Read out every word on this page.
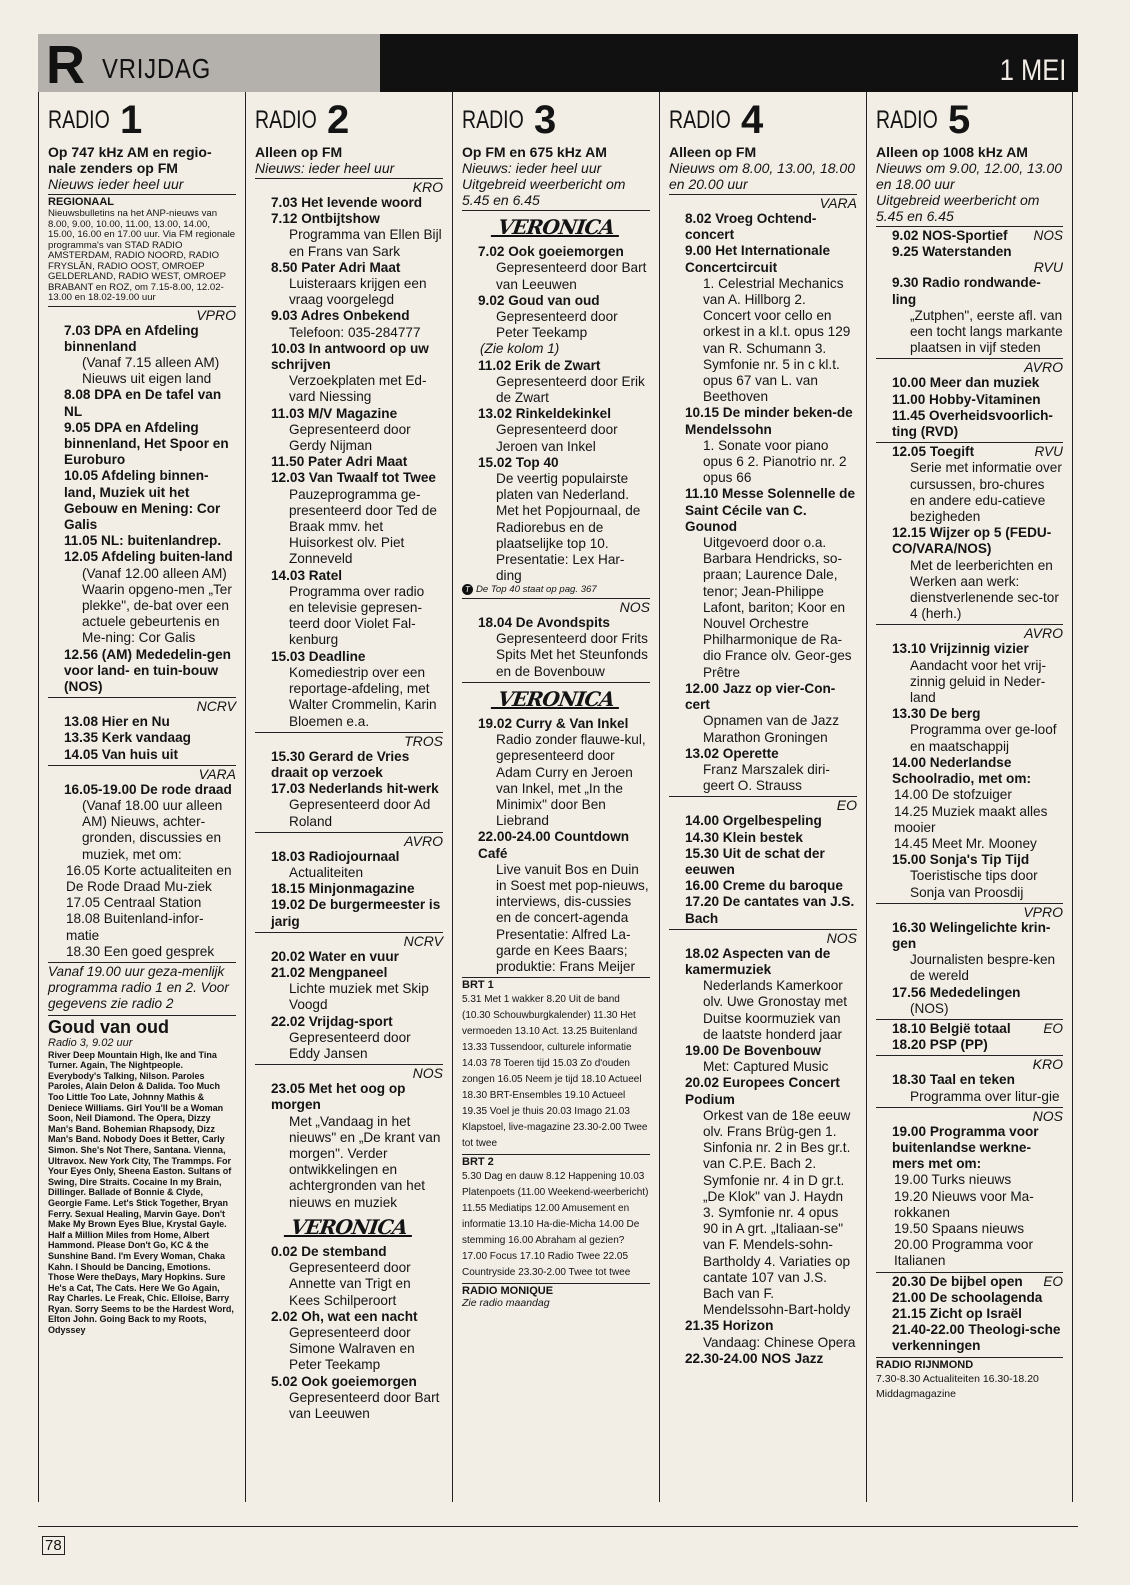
R VRIJDAG	1 MEI
RADIO 1
Op 747 kHz AM en regio-nale zenders op FM
Nieuws ieder heel uur
REGIONAAL
Nieuwsbulletins na het ANP-nieuws van 8.00, 9.00, 10.00, 11.00, 13.00, 14.00, 15.00, 16.00 en 17.00 uur. Via FM regionale programma's van STAD RADIO AMSTERDAM, RADIO NOORD, RADIO FRYSLÂN, RADIO OOST, OMROEP GELDERLAND, RADIO WEST, OMROEP BRABANT en ROZ, om 7.15-8.00, 12.02-13.00 en 18.02-19.00 uur
VPRO
7.03 DPA en Afdeling binnenland
(Vanaf 7.15 alleen AM) Nieuws uit eigen land
8.08 DPA en De tafel van NL
9.05 DPA en Afdeling binnenland, Het Spoor en Euroburo
10.05 Afdeling binnen-land, Muziek uit het Gebouw en Mening: Cor Galis
11.05 NL: buitenlandrep.
12.05 Afdeling buiten-land
(Vanaf 12.00 alleen AM) Waarin opgeno-men „Ter plekke", de-bat over een actuele gebeurtenis en Me-ning: Cor Galis
12.56 (AM) Mededelin-gen voor land- en tuin-bouw (NOS)
NCRV
13.08 Hier en Nu
13.35 Kerk vandaag
14.05 Van huis uit
VARA
16.05-19.00 De rode draad
(Vanaf 18.00 uur alleen AM) Nieuws, achter-gronden, discussies en muziek, met om:
16.05 Korte actualiteiten en De Rode Draad Mu-ziek
17.05 Centraal Station
18.08 Buitenland-infor-matie
18.30 Een goed gesprek
Vanaf 19.00 uur geza-menlijk programma radio 1 en 2. Voor gegevens zie radio 2
Goud van oud
Radio 3, 9.02 uur
River Deep Mountain High, Ike and Tina Turner. Again, The Nightpeople. Everybody's Talking, Nilson. Paroles Paroles, Alain Delon & Dalida. Too Much Too Little Too Late, Johnny Mathis & Deniece Williams. Girl You'll be a Woman Soon, Neil Diamond. The Opera, Dizzy Man's Band. Bohemian Rhapsody, Dizz Man's Band. Nobody Does it Better, Carly Simon. She's Not There, Santana. Vienna, Ultravox. New York City, The Trammps. For Your Eyes Only, Sheena Easton. Sultans of Swing, Dire Straits. Cocaine In my Brain, Dillinger. Ballade of Bonnie & Clyde, Georgie Fame. Let's Stick Together, Bryan Ferry. Sexual Healing, Marvin Gaye. Don't Make My Brown Eyes Blue, Krystal Gayle. Half a Million Miles from Home, Albert Hammond. Please Don't Go, KC & the Sunshine Band. I'm Every Woman, Chaka Kahn. I Should be Dancing, Emotions. Those Were theDays, Mary Hopkins. Sure He's a Cat, The Cats. Here We Go Again, Ray Charles. Le Freak, Chic. Elloise, Barry Ryan. Sorry Seems to be the Hardest Word, Elton John. Going Back to my Roots, Odyssey
RADIO 2
Alleen op FM
Nieuws: ieder heel uur
KRO
7.03 Het levende woord
7.12 Ontbijtshow
Programma van Ellen Bijl en Frans van Sark
8.50 Pater Adri Maat
Luisteraars krijgen een vraag voorgelegd
9.03 Adres Onbekend
Telefoon: 035-284777
10.03 In antwoord op uw schrijven
Verzoekplaten met Ed-vard Niessing
11.03 M/V Magazine
Gepresenteerd door Gerdy Nijman
11.50 Pater Adri Maat
12.03 Van Twaalf tot Twee
Pauzeprogramma ge-presenteerd door Ted de Braak mmv. het Huisorkest olv. Piet Zonneveld
14.03 Ratel
Programma over radio en televisie gepresen-teerd door Violet Fal-kenburg
15.03 Deadline
Komediestrip over een reportage-afdeling, met Walter Crommelin, Karin Bloemen e.a.
TROS
15.30 Gerard de Vries draait op verzoek
17.03 Nederlands hit-werk
Gepresenteerd door Ad Roland
AVRO
18.03 Radiojournaal
Actualiteiten
18.15 Minjonmagazine
19.02 De burgermeester is jarig
NCRV
20.02 Water en vuur
21.02 Mengpaneel
Lichte muziek met Skip Voogd
22.02 Vrijdag-sport
Gepresenteerd door Eddy Jansen
NOS
23.05 Met het oog op morgen
Met „Vandaag in het nieuws" en „De krant van morgen". Verder ontwikkelingen en achtergronden van het nieuws en muziek
VERONICA
0.02 De stemband
Gepresenteerd door Annette van Trigt en Kees Schilperoort
2.02 Oh, wat een nacht
Gepresenteerd door Simone Walraven en Peter Teekamp
5.02 Ook goeiemorgen
Gepresenteerd door Bart van Leeuwen
RADIO 3
Op FM en 675 kHz AM
Nieuws: ieder heel uur
Uitgebreid weerbericht om 5.45 en 6.45
VERONICA
7.02 Ook goeiemorgen
Gepresenteerd door Bart van Leeuwen
9.02 Goud van oud
Gepresenteerd door Peter Teekamp
(Zie kolom 1)
11.02 Erik de Zwart
Gepresenteerd door Erik de Zwart
13.02 Rinkeldekinkel
Gepresenteerd door Jeroen van Inkel
15.02 Top 40
De veertig populairste platen van Nederland. Met het Popjournaal, de Radiorebus en de plaatselijke top 10. Presentatie: Lex Har-ding
T De Top 40 staat op pag. 367
NOS
18.04 De Avondspits
Gepresenteerd door Frits Spits Met het Steunfonds en de Bovenbouw
VERONICA
19.02 Curry & Van Inkel
Radio zonder flauwe-kul, gepresenteerd door Adam Curry en Jeroen van Inkel, met „In the Minimix" door Ben Liebrand
22.00-24.00 Countdown Café
Live vanuit Bos en Duin in Soest met pop-nieuws, interviews, dis-cussies en de concert-agenda Presentatie: Alfred La-garde en Kees Baars; produktie: Frans Meijer
BRT 1
5.31 Met 1 wakker 8.20 Uit de band (10.30 Schouwburgkalender) 11.30 Het vermoeden 13.10 Act. 13.25 Buitenland 13.33 Tussendoor, culturele informatie 14.03 78 Toeren tijd 15.03 Zo d'ouden zongen 16.05 Neem je tijd 18.10 Actueel 18.30 BRT-Ensembles 19.10 Actueel 19.35 Voel je thuis 20.03 Imago 21.03 Klapstoel, live-magazine 23.30-2.00 Twee tot twee
BRT 2
5.30 Dag en dauw 8.12 Happening 10.03 Platenpoets (11.00 Weekend-weerbericht) 11.55 Mediatips 12.00 Amusement en informatie 13.10 Ha-die-Micha 14.00 De stemming 16.00 Abraham al gezien? 17.00 Focus 17.10 Radio Twee 22.05 Countryside 23.30-2.00 Twee tot twee
RADIO MONIQUE
Zie radio maandag
RADIO 4
Alleen op FM
Nieuws om 8.00, 13.00, 18.00 en 20.00 uur
VARA
8.02 Vroeg Ochtend-concert
9.00 Het Internationale Concertcircuit
1. Celestrial Mechanics van A. Hillborg 2. Concert voor cello en orkest in a kl.t. opus 129 van R. Schumann 3. Symfonie nr. 5 in c kl.t. opus 67 van L. van Beethoven
10.15 De minder beken-de Mendelssohn
1. Sonate voor piano opus 6 2. Pianotrio nr. 2 opus 66
11.10 Messe Solennelle de Saint Cécile van C. Gounod
Uitgevoerd door o.a. Barbara Hendricks, so-praan; Laurence Dale, tenor; Jean-Philippe Lafont, bariton; Koor en Nouvel Orchestre Philharmonique de Ra-dio France olv. Geor-ges Prêtre
12.00 Jazz op vier-Con-cert
Opnamen van de Jazz Marathon Groningen
13.02 Operette
Franz Marszalek diri-geert O. Strauss
EO
14.00 Orgelbespeling
14.30 Klein bestek
15.30 Uit de schat der eeuwen
16.00 Creme du baroque
17.20 De cantates van J.S. Bach
NOS
18.02 Aspecten van de kamermuziek
Nederlands Kamerkoor olv. Uwe Gronostay met Duitse koormuziek van de laatste honderd jaar
19.00 De Bovenbouw
Met: Captured Music
20.02 Europees Concert Podium
Orkest van de 18e eeuw olv. Frans Brüg-gen 1. Sinfonia nr. 2 in Bes gr.t. van C.P.E. Bach 2. Symfonie nr. 4 in D gr.t. „De Klok" van J. Haydn 3. Symfonie nr. 4 opus 90 in A grt. „Italiaan-se" van F. Mendels-sohn-Bartholdy 4. Variaties op cantate 107 van J.S. Bach van F. Mendelssohn-Bart-holdy
21.35 Horizon
Vandaag: Chinese Opera
22.30-24.00 NOS Jazz
RADIO 5
Alleen op 1008 kHz AM
Nieuws om 9.00, 12.00, 13.00 en 18.00 uur
Uitgebreid weerbericht om 5.45 en 6.45
9.02 NOS-Sportief NOS
9.25 Waterstanden
RVU
9.30 Radio rondwande-ling
„Zutphen", eerste afl. van een tocht langs markante plaatsen in vijf steden
AVRO
10.00 Meer dan muziek
11.00 Hobby-Vitaminen
11.45 Overheidsvoorlich-ting (RVD)
12.05 Toegift	RVU
Serie met informatie over cursussen, bro-chures en andere edu-catieve bezigheden
12.15 Wijzer op 5 (FEDU-CO/VARA/NOS)
Met de leerberichten en Werken aan werk: dienstverlenende sec-tor 4 (herh.)
AVRO
13.10 Vrijzinnig vizier
Aandacht voor het vrij-zinnig geluid in Neder-land
13.30 De berg
Programma over ge-loof en maatschappij
14.00 Nederlandse Schoolradio, met om:
14.00 De stofzuiger
14.25 Muziek maakt alles mooier
14.45 Meet Mr. Mooney
15.00 Sonja's Tip Tijd
Toeristische tips door Sonja van Proosdij
VPRO
16.30 Welingelichte krin-gen
Journalisten bespre-ken de wereld
17.56 Mededelingen
(NOS)
18.10 België totaal EO
18.20 PSP (PP)
KRO
18.30 Taal en teken
Programma over litur-gie
NOS
19.00 Programma voor buitenlandse werkne-mers met om:
19.00 Turks nieuws
19.20 Nieuws voor Ma-rokkanen
19.50 Spaans nieuws
20.00 Programma voor Italianen
20.30 De bijbel open EO
21.00 De schoolagenda
21.15 Zicht op Israël
21.40-22.00 Theologi-sche verkenningen
RADIO RIJNMOND
7.30-8.30 Actualiteiten 16.30-18.20 Middagmagazine
78
